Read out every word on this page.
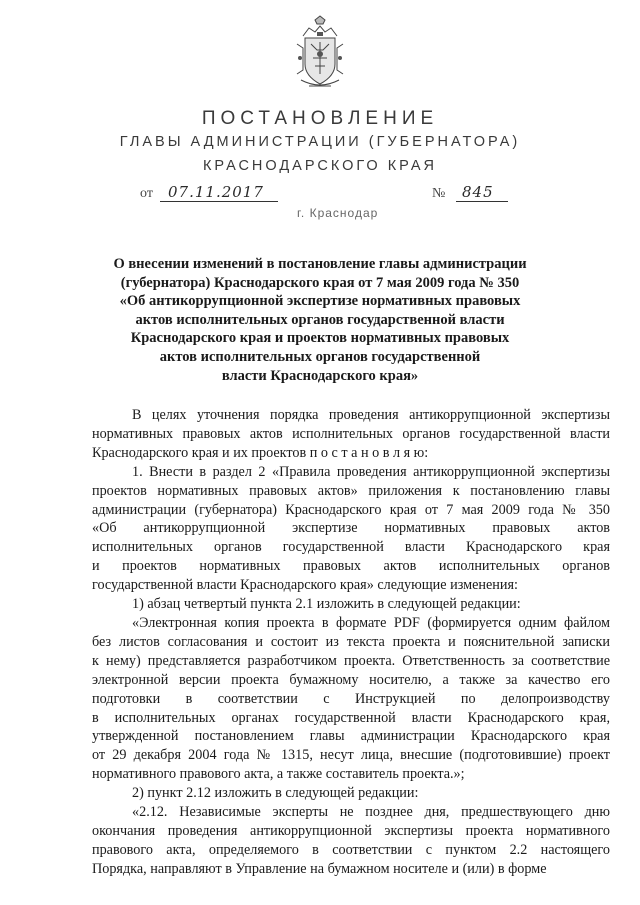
ПОСТАНОВЛЕНИЕ
ГЛАВЫ АДМИНИСТРАЦИИ (ГУБЕРНАТОРА)
КРАСНОДАРСКОГО КРАЯ
от 07.11.2017	№ 845
г. Краснодар
О внесении изменений в постановление главы администрации
(губернатора) Краснодарского края от 7 мая 2009 года № 350
«Об антикоррупционной экспертизе нормативных правовых
актов исполнительных органов государственной власти
Краснодарского края и проектов нормативных правовых
актов исполнительных органов государственной
власти Краснодарского края»
В целях уточнения порядка проведения антикоррупционной экспертизы
нормативных правовых актов исполнительных органов государственной власти
Краснодарского края и их проектов п о с т а н о в л я ю:
1. Внести в раздел 2 «Правила проведения антикоррупционной экспертизы
проектов нормативных правовых актов» приложения к постановлению главы
администрации (губернатора) Краснодарского края от 7 мая 2009 года № 350
«Об антикоррупционной экспертизе нормативных правовых актов
исполнительных органов государственной власти Краснодарского края
и проектов нормативных правовых актов исполнительных органов
государственной власти Краснодарского края» следующие изменения:
1) абзац четвертый пункта 2.1 изложить в следующей редакции:
«Электронная копия проекта в формате PDF (формируется одним файлом
без листов согласования и состоит из текста проекта и пояснительной записки
к нему) представляется разработчиком проекта. Ответственность за соответствие
электронной версии проекта бумажному носителю, а также за качество его
подготовки в соответствии с Инструкцией по делопроизводству
в исполнительных органах государственной власти Краснодарского края,
утвержденной постановлением главы администрации Краснодарского края
от 29 декабря 2004 года № 1315, несут лица, внесшие (подготовившие) проект
нормативного правового акта, а также составитель проекта.»;
2) пункт 2.12 изложить в следующей редакции:
«2.12. Независимые эксперты не позднее дня, предшествующего дню
окончания проведения антикоррупционной экспертизы проекта нормативного
правового акта, определяемого в соответствии с пунктом 2.2 настоящего
Порядка, направляют в Управление на бумажном носителе и (или) в форме
